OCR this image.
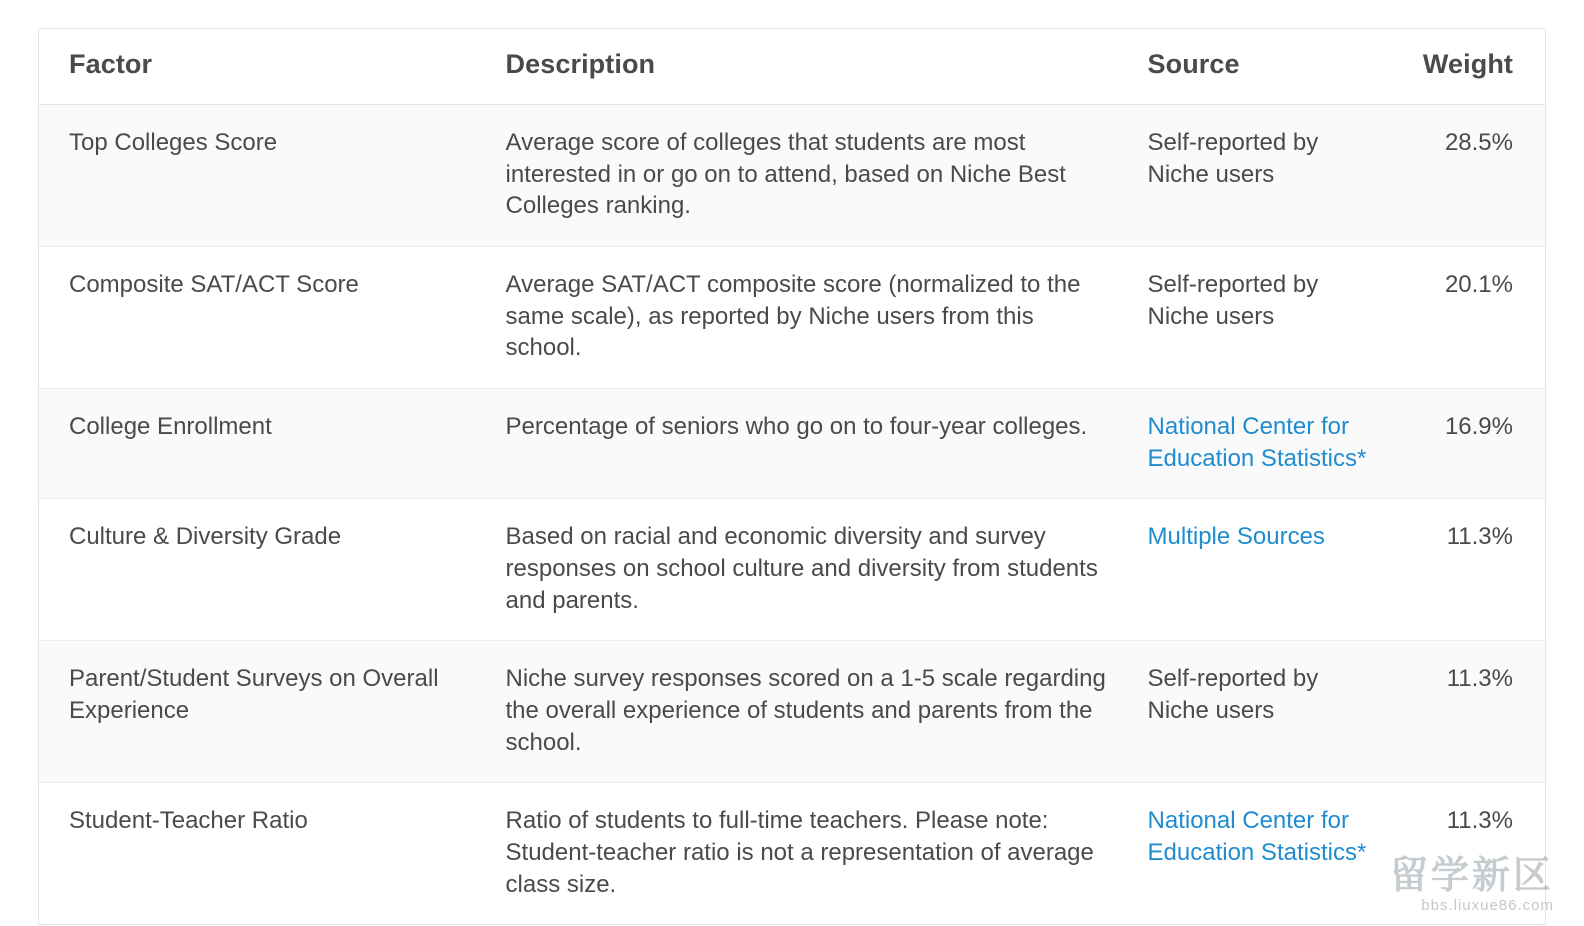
Factor	Description	Source	Weight
Top Colleges Score	Average score of colleges that students are most interested in or go on to attend, based on Niche Best Colleges ranking.	Self-reported by Niche users	28.5%
Composite SAT/ACT Score	Average SAT/ACT composite score (normalized to the same scale), as reported by Niche users from this school.	Self-reported by Niche users	20.1%
College Enrollment	Percentage of seniors who go on to four-year colleges.	National Center for Education Statistics*	16.9%
Culture & Diversity Grade	Based on racial and economic diversity and survey responses on school culture and diversity from students and parents.	Multiple Sources	11.3%
Parent/Student Surveys on Overall Experience	Niche survey responses scored on a 1-5 scale regarding the overall experience of students and parents from the school.	Self-reported by Niche users	11.3%
Student-Teacher Ratio	Ratio of students to full-time teachers. Please note: Student-teacher ratio is not a representation of average class size.	National Center for Education Statistics*	11.3%
留学新区
bbs.liuxue86.com
